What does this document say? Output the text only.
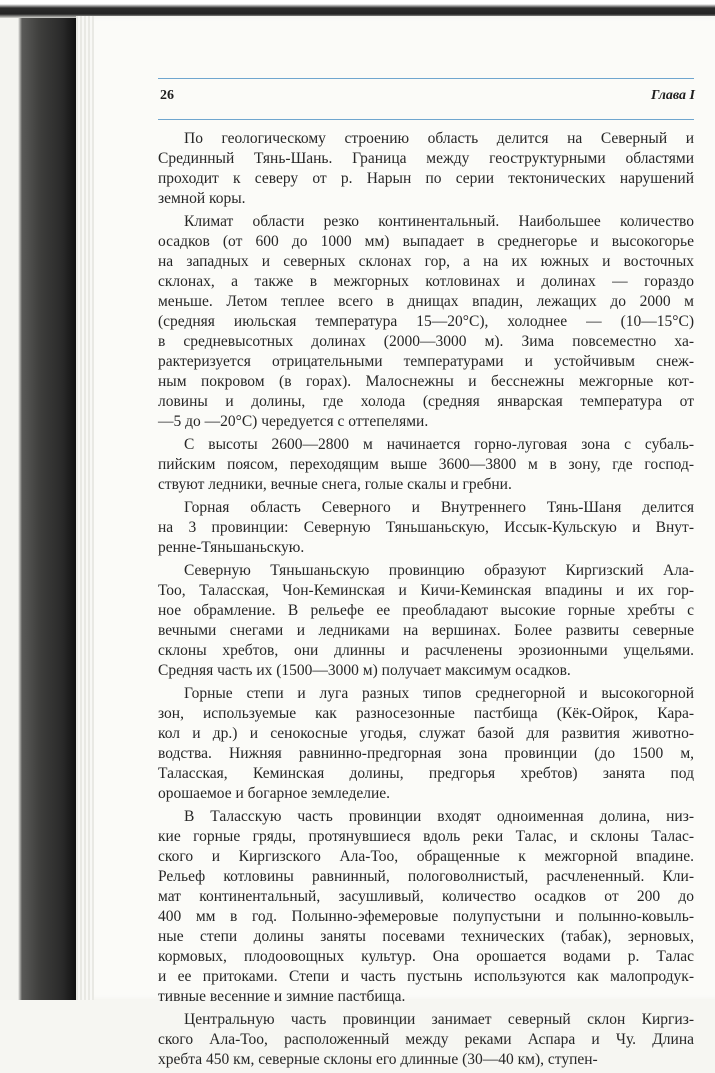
26	Глава I
По геологическому строению область делится на Северный и
Срединный Тянь-Шань. Граница между геоструктурными областями
проходит к северу от р. Нарын по серии тектонических нарушений
земной коры.
Климат области резко континентальный. Наибольшее количество
осадков (от 600 до 1000 мм) выпадает в среднегорье и высокогорье
на западных и северных склонах гор, а на их южных и восточных
склонах, а также в межгорных котловинах и долинах — гораздо
меньше. Летом теплее всего в днищах впадин, лежащих до 2000 м
(средняя июльская температура 15—20°С), холоднее — (10—15°С)
в средневысотных долинах (2000—3000 м). Зима повсеместно ха-
рактеризуется отрицательными температурами и устойчивым снеж-
ным покровом (в горах). Малоснежны и бесснежны межгорные кот-
ловины и долины, где холода (средняя январская температура от
—5 до —20°С) чередуется с оттепелями.
С высоты 2600—2800 м начинается горно-луговая зона с субаль-
пийским поясом, переходящим выше 3600—3800 м в зону, где господ-
ствуют ледники, вечные снега, голые скалы и гребни.
Горная область Северного и Внутреннего Тянь-Шаня делится
на 3 провинции: Северную Тяньшаньскую, Иссык-Кульскую и Внут-
ренне-Тяньшаньскую.
Северную Тяньшаньскую провинцию образуют Киргизский Ала-
Тоо, Таласская, Чон-Кеминская и Кичи-Кеминская впадины и их гор-
ное обрамление. В рельефе ее преобладают высокие горные хребты с
вечными снегами и ледниками на вершинах. Более развиты северные
склоны хребтов, они длинны и расчленены эрозионными ущельями.
Средняя часть их (1500—3000 м) получает максимум осадков.
Горные степи и луга разных типов среднегорной и высокогорной
зон, используемые как разносезонные пастбища (Кёк-Ойрок, Кара-
кол и др.) и сенокосные угодья, служат базой для развития животно-
водства. Нижняя равнинно-предгорная зона провинции (до 1500 м,
Таласская, Кеминская долины, предгорья хребтов) занята под
орошаемое и богарное земледелие.
В Таласскую часть провинции входят одноименная долина, низ-
кие горные гряды, протянувшиеся вдоль реки Талас, и склоны Талас-
ского и Киргизского Ала-Тоо, обращенные к межгорной впадине.
Рельеф котловины равнинный, пологоволнистый, расчлененный. Кли-
мат континентальный, засушливый, количество осадков от 200 до
400 мм в год. Полынно-эфемеровые полупустыни и полынно-ковыль-
ные степи долины заняты посевами технических (табак), зерновых,
кормовых, плодоовощных культур. Она орошается водами р. Талас
и ее притоками. Степи и часть пустынь используются как малопродук-
тивные весенние и зимние пастбища.
Центральную часть провинции занимает северный склон Киргиз-
ского Ала-Тоо, расположенный между реками Аспара и Чу. Длина
хребта 450 км, северные склоны его длинные (30—40 км), ступен-
